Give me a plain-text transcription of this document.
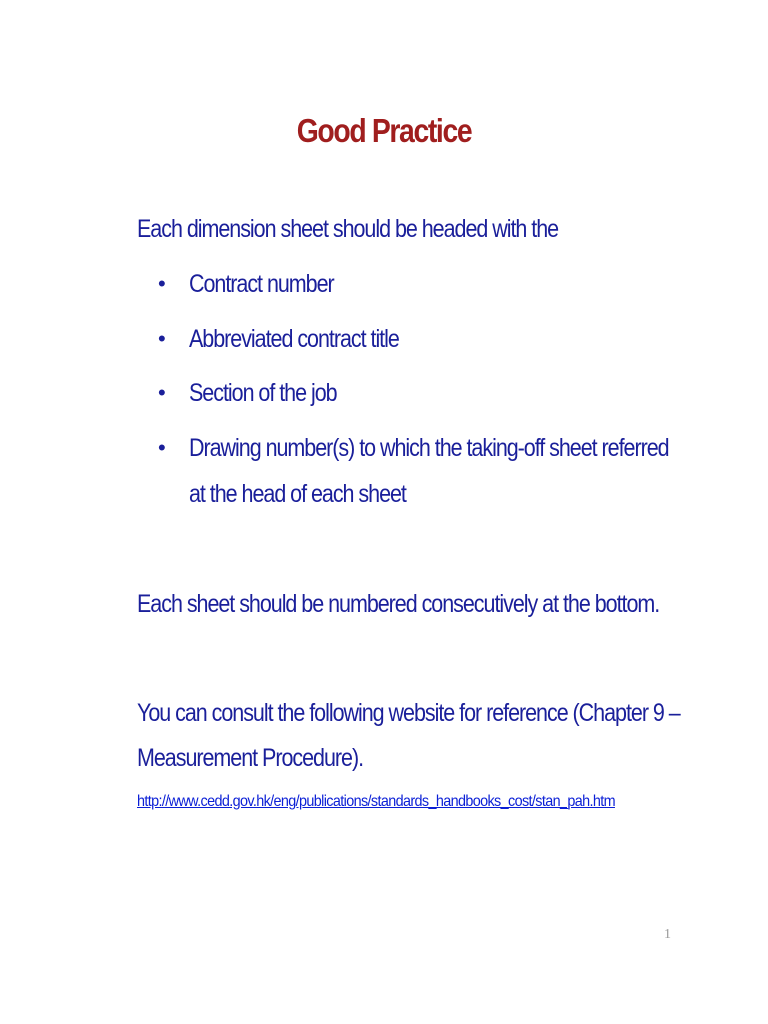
Good Practice
Each dimension sheet should be headed with the
• Contract number
• Abbreviated contract title
• Section of the job
• Drawing number(s) to which the taking-off sheet referred
at the head of each sheet
Each sheet should be numbered consecutively at the bottom.
You can consult the following website for reference (Chapter 9 –
Measurement Procedure).
http://www.cedd.gov.hk/eng/publications/standards_handbooks_cost/stan_pah.htm
1
